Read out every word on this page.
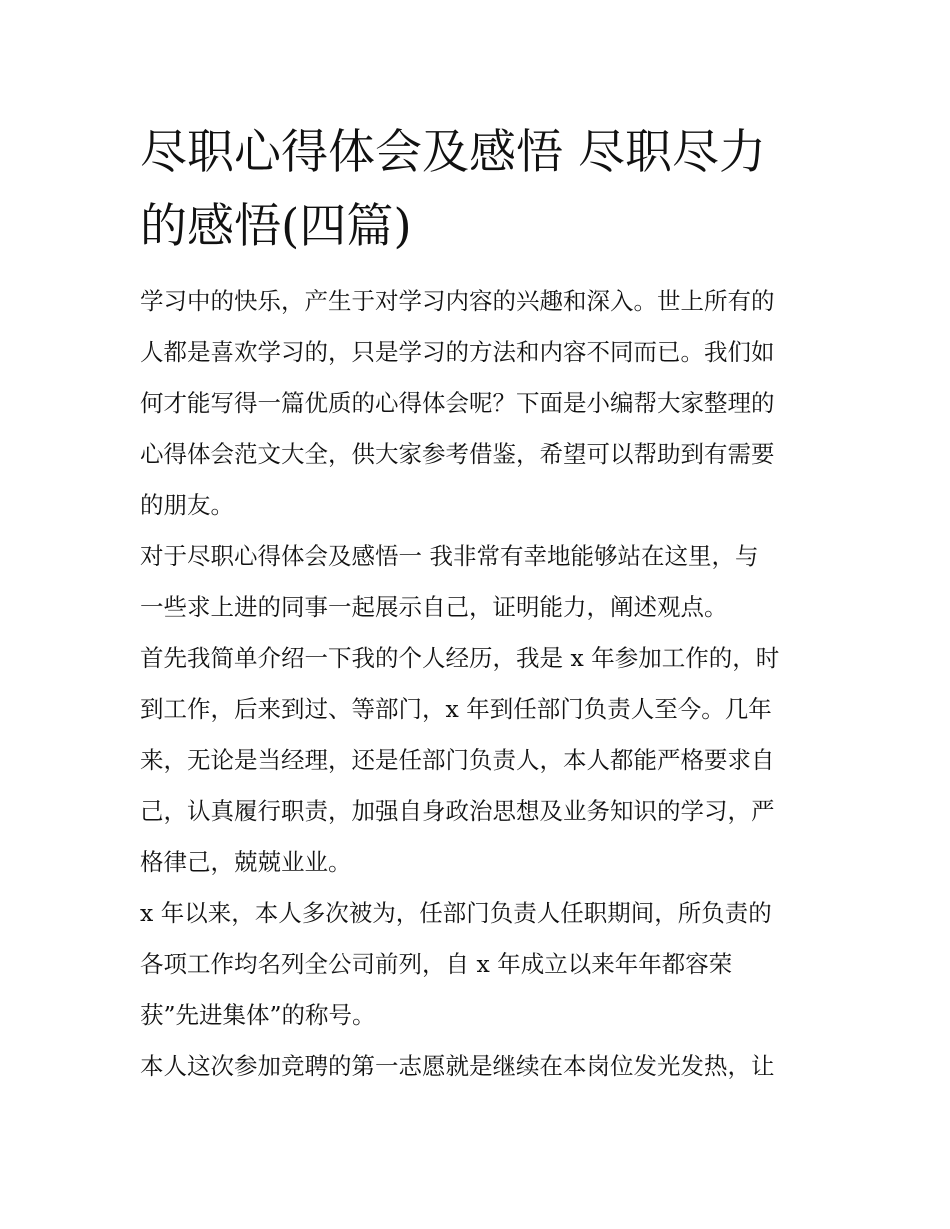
尽职心得体会及感悟 尽职尽力
的感悟(四篇)
学习中的快乐，产生于对学习内容的兴趣和深入。世上所有的
人都是喜欢学习的，只是学习的方法和内容不同而已。我们如
何才能写得一篇优质的心得体会呢？下面是小编帮大家整理的
心得体会范文大全，供大家参考借鉴，希望可以帮助到有需要
的朋友。
对于尽职心得体会及感悟一 我非常有幸地能够站在这里，与
一些求上进的同事一起展示自己，证明能力，阐述观点。
首先我简单介绍一下我的个人经历，我是 x 年参加工作的，时
到工作，后来到过、等部门，x 年到任部门负责人至今。几年
来，无论是当经理，还是任部门负责人，本人都能严格要求自
己，认真履行职责，加强自身政治思想及业务知识的学习，严
格律己，兢兢业业。
x 年以来，本人多次被为，任部门负责人任职期间，所负责的
各项工作均名列全公司前列，自 x 年成立以来年年都容荣
获”先进集体”的称号。
本人这次参加竞聘的第一志愿就是继续在本岗位发光发热，让
